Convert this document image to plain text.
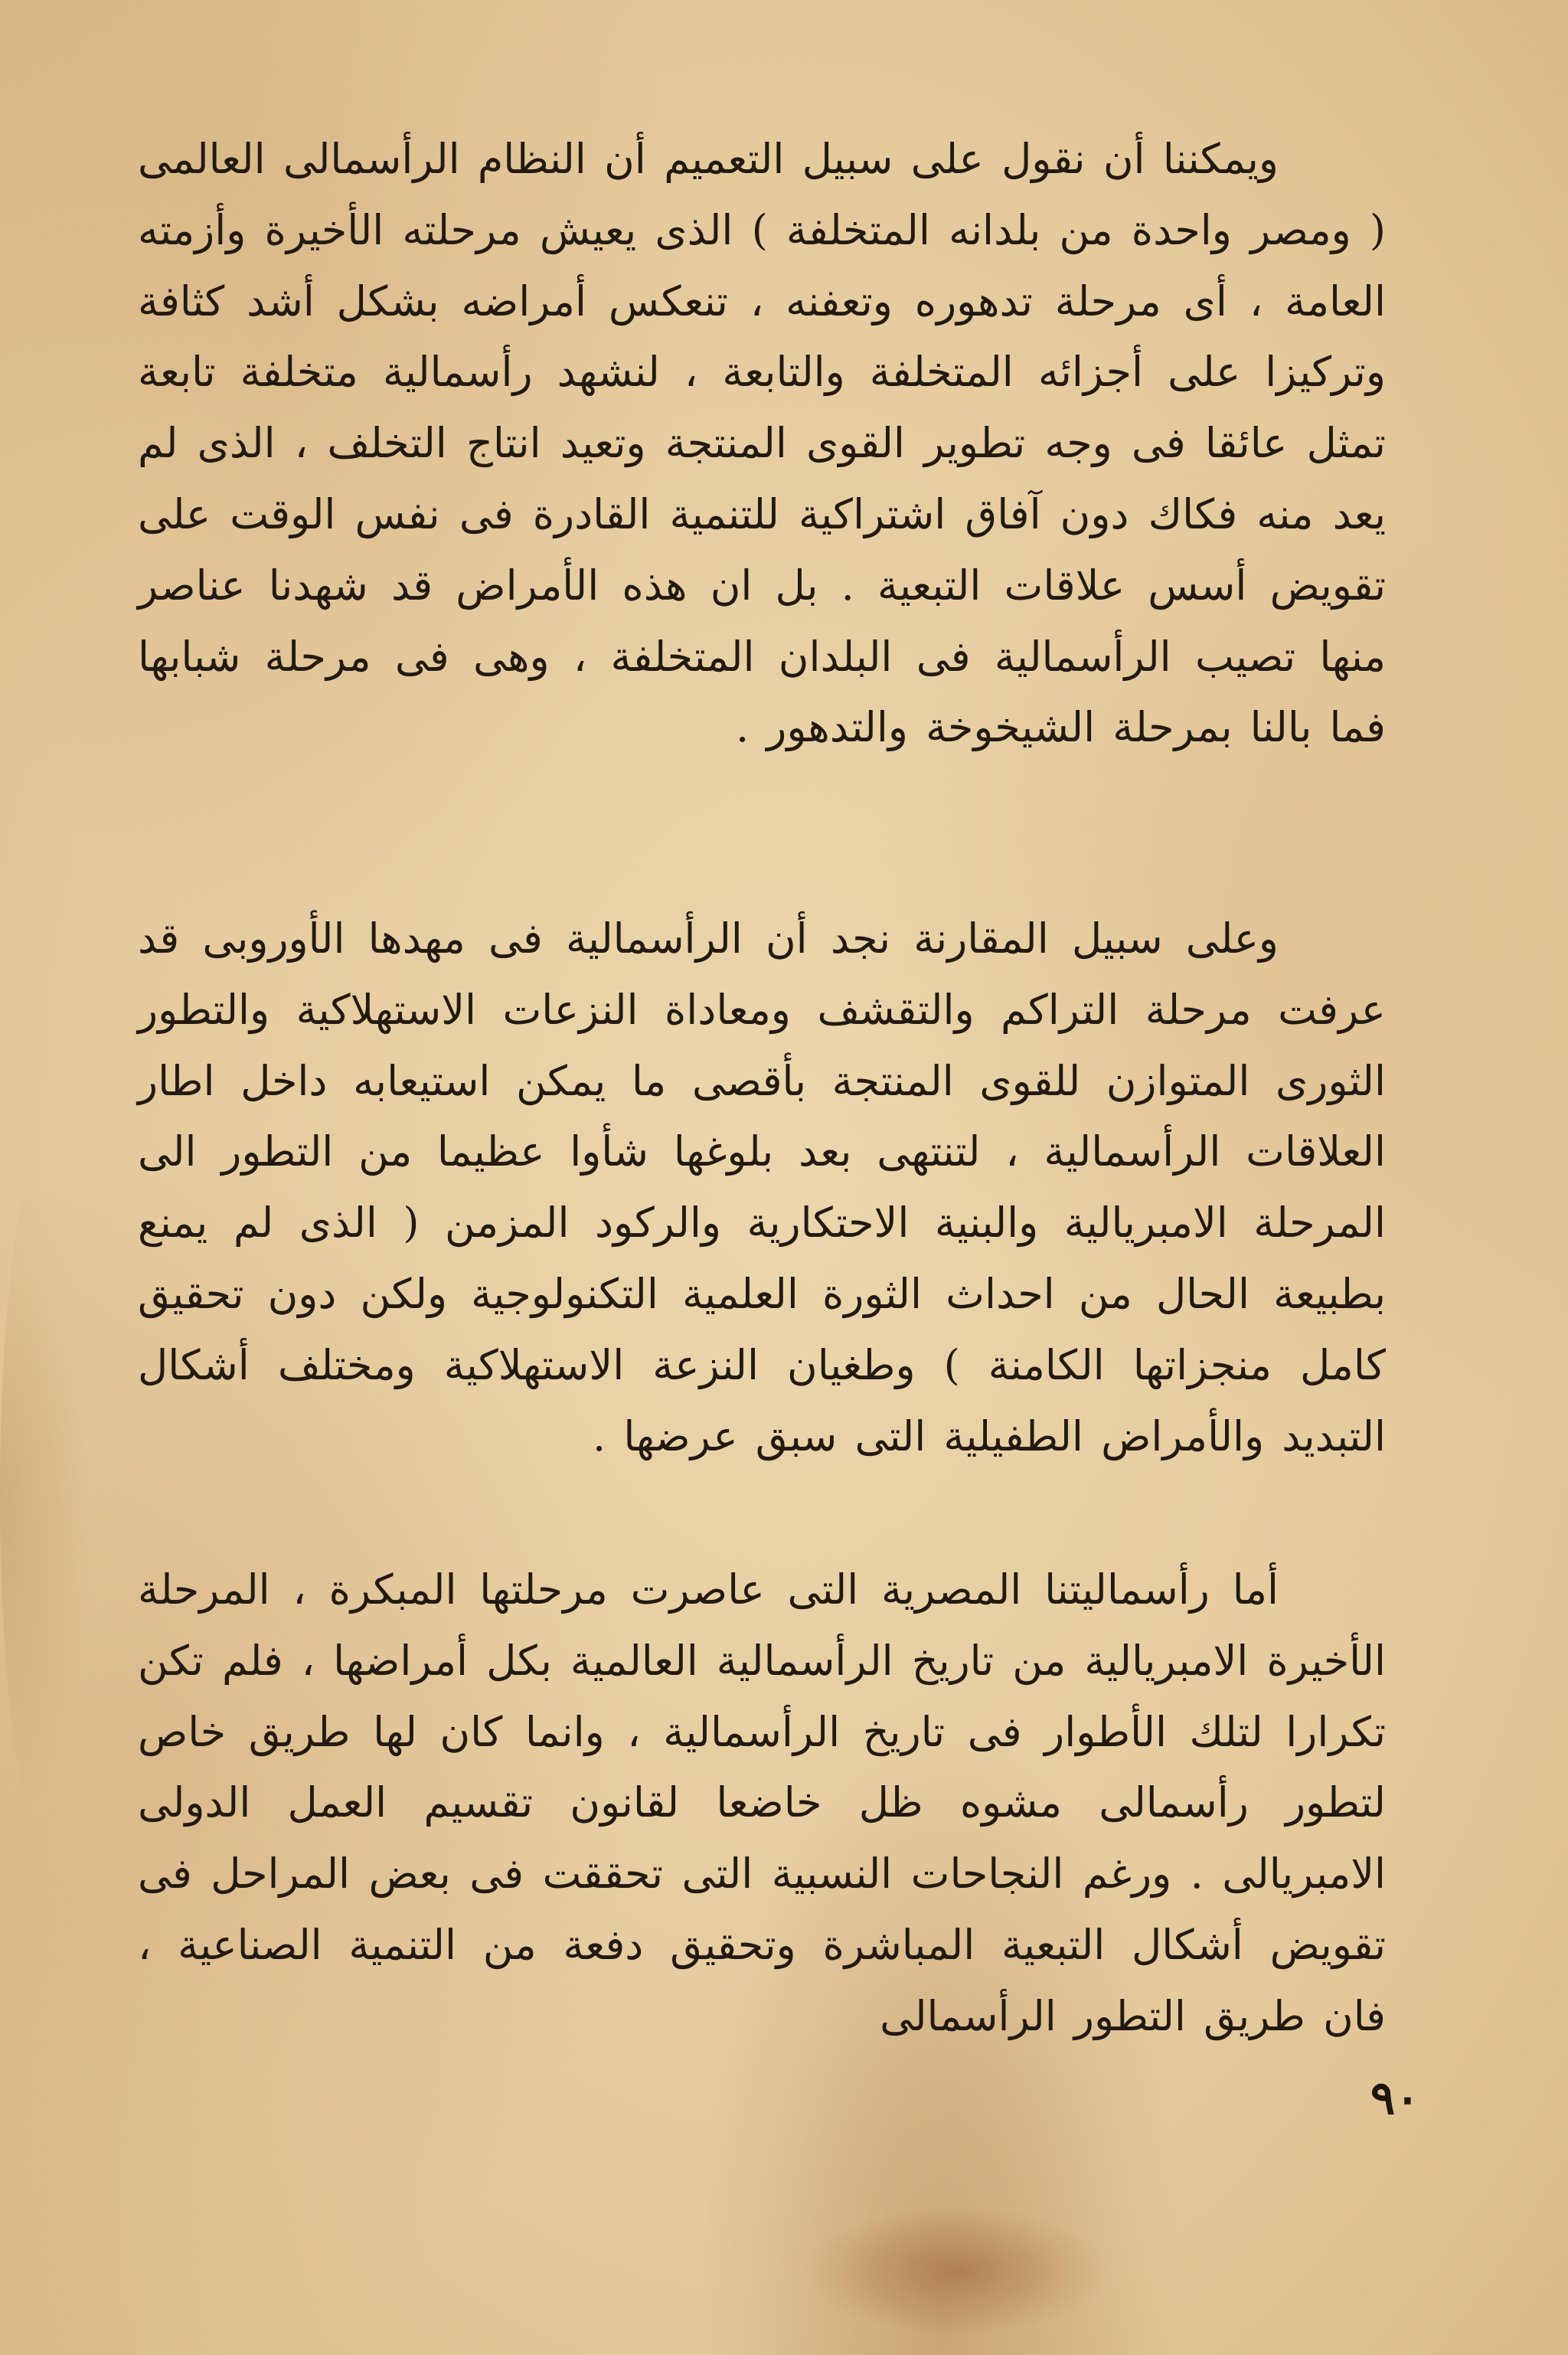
ويمكننا أن نقول على سبيل التعميم أن النظام الرأسمالى العالمى ( ومصر واحدة من بلدانه المتخلفة ) الذى يعيش مرحلته الأخيرة وأزمته العامة ، أى مرحلة تدهوره وتعفنه ، تنعكس أمراضه بشكل أشد كثافة وتركيزا على أجزائه المتخلفة والتابعة ، لنشهد رأسمالية متخلفة تابعة تمثل عائقا فى وجه تطوير القوى المنتجة وتعيد انتاج التخلف ، الذى لم يعد منه فكاك دون آفاق اشتراكية للتنمية القادرة فى نفس الوقت على تقويض أسس علاقات التبعية . بل ان هذه الأمراض قد شهدنا عناصر منها تصيب الرأسمالية فى البلدان المتخلفة ، وهى فى مرحلة شبابها فما بالنا بمرحلة الشيخوخة والتدهور .

وعلى سبيل المقارنة نجد أن الرأسمالية فى مهدها الأوروبى قد عرفت مرحلة التراكم والتقشف ومعاداة النزعات الاستهلاكية والتطور الثورى المتوازن للقوى المنتجة بأقصى ما يمكن استيعابه داخل اطار العلاقات الرأسمالية ، لتنتهى بعد بلوغها شأوا عظيما من التطور الى المرحلة الامبريالية والبنية الاحتكارية والركود المزمن ( الذى لم يمنع بطبيعة الحال من احداث الثورة العلمية التكنولوجية ولكن دون تحقيق كامل منجزاتها الكامنة ) وطغيان النزعة الاستهلاكية ومختلف أشكال التبديد والأمراض الطفيلية التى سبق عرضها .

أما رأسماليتنا المصرية التى عاصرت مرحلتها المبكرة ، المرحلة الأخيرة الامبريالية من تاريخ الرأسمالية العالمية بكل أمراضها ، فلم تكن تكرارا لتلك الأطوار فى تاريخ الرأسمالية ، وانما كان لها طريق خاص لتطور رأسمالى مشوه ظل خاضعا لقانون تقسيم العمل الدولى الامبريالى . ورغم النجاحات النسبية التى تحققت فى بعض المراحل فى تقويض أشكال التبعية المباشرة وتحقيق دفعة من التنمية الصناعية ، فان طريق التطور الرأسمالى

٩٠
